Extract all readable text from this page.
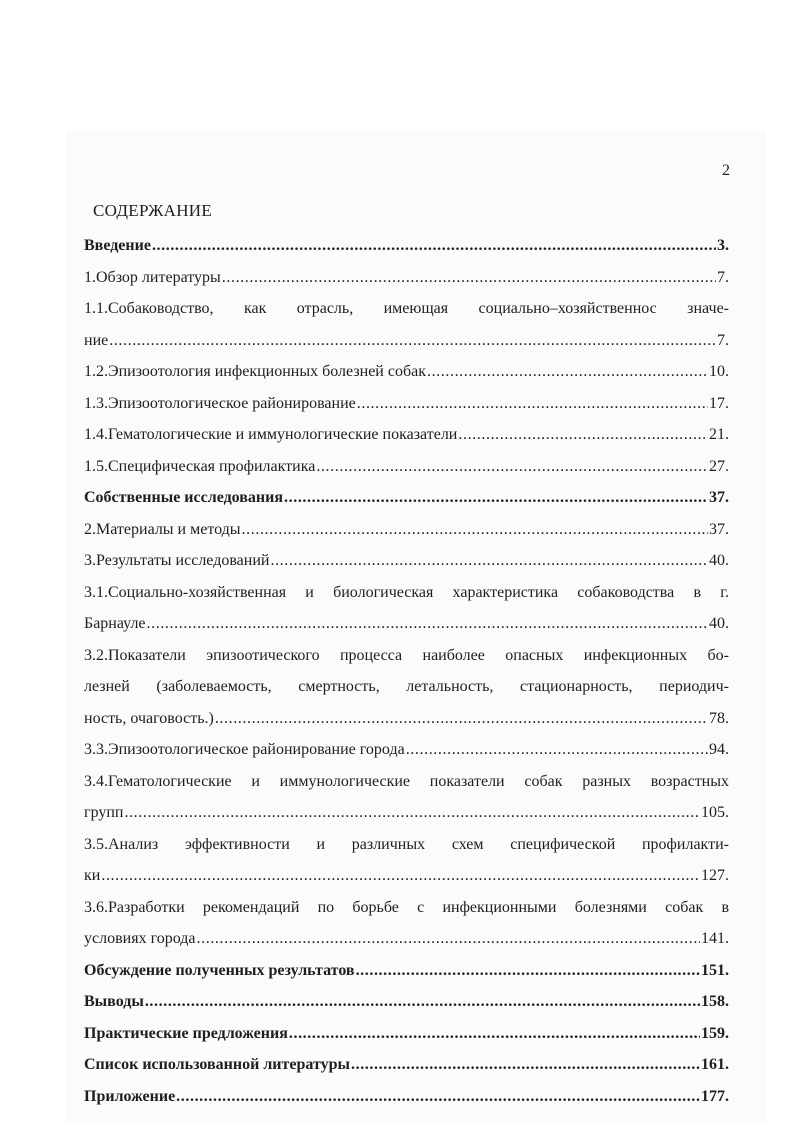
2
СОДЕРЖАНИЕ
Введение .....	3.
1.Обзор литературы .....	7.
1.1.Собаководство, как отрасль, имеющая социально–хозяйственнос значе-
ние .....	7.
1.2.Эпизоотология инфекционных болезней собак .....	10.
1.3.Эпизоотологическое районирование .....	17.
1.4.Гематологические и иммунологические показатели .....	21.
1.5.Специфическая профилактика .....	27.
Собственные исследования .....	37.
2.Материалы и методы .....	37.
3.Результаты исследований .....	40.
3.1.Социально-хозяйственная и биологическая характеристика собаководства в г.
Барнауле .....	40.
3.2.Показатели эпизоотического процесса наиболее опасных инфекционных бо-
лезней (заболеваемость, смертность, летальность, стационарность, периодич-
ность, очаговость.) .....	78.
3.3.Эпизоотологическое районирование города .....	94.
3.4.Гематологические и иммунологические показатели собак разных возрастных
групп .....	105.
3.5.Анализ эффективности и различных схем специфической профилакти-
ки .....	127.
3.6.Разработки рекомендаций по борьбе с инфекционными болезнями собак в
условиях города .....	141.
Обсуждение полученных результатов .....	151.
Выводы .....	158.
Практические предложения .....	159.
Список использованной литературы .....	161.
Приложение .....	177.
